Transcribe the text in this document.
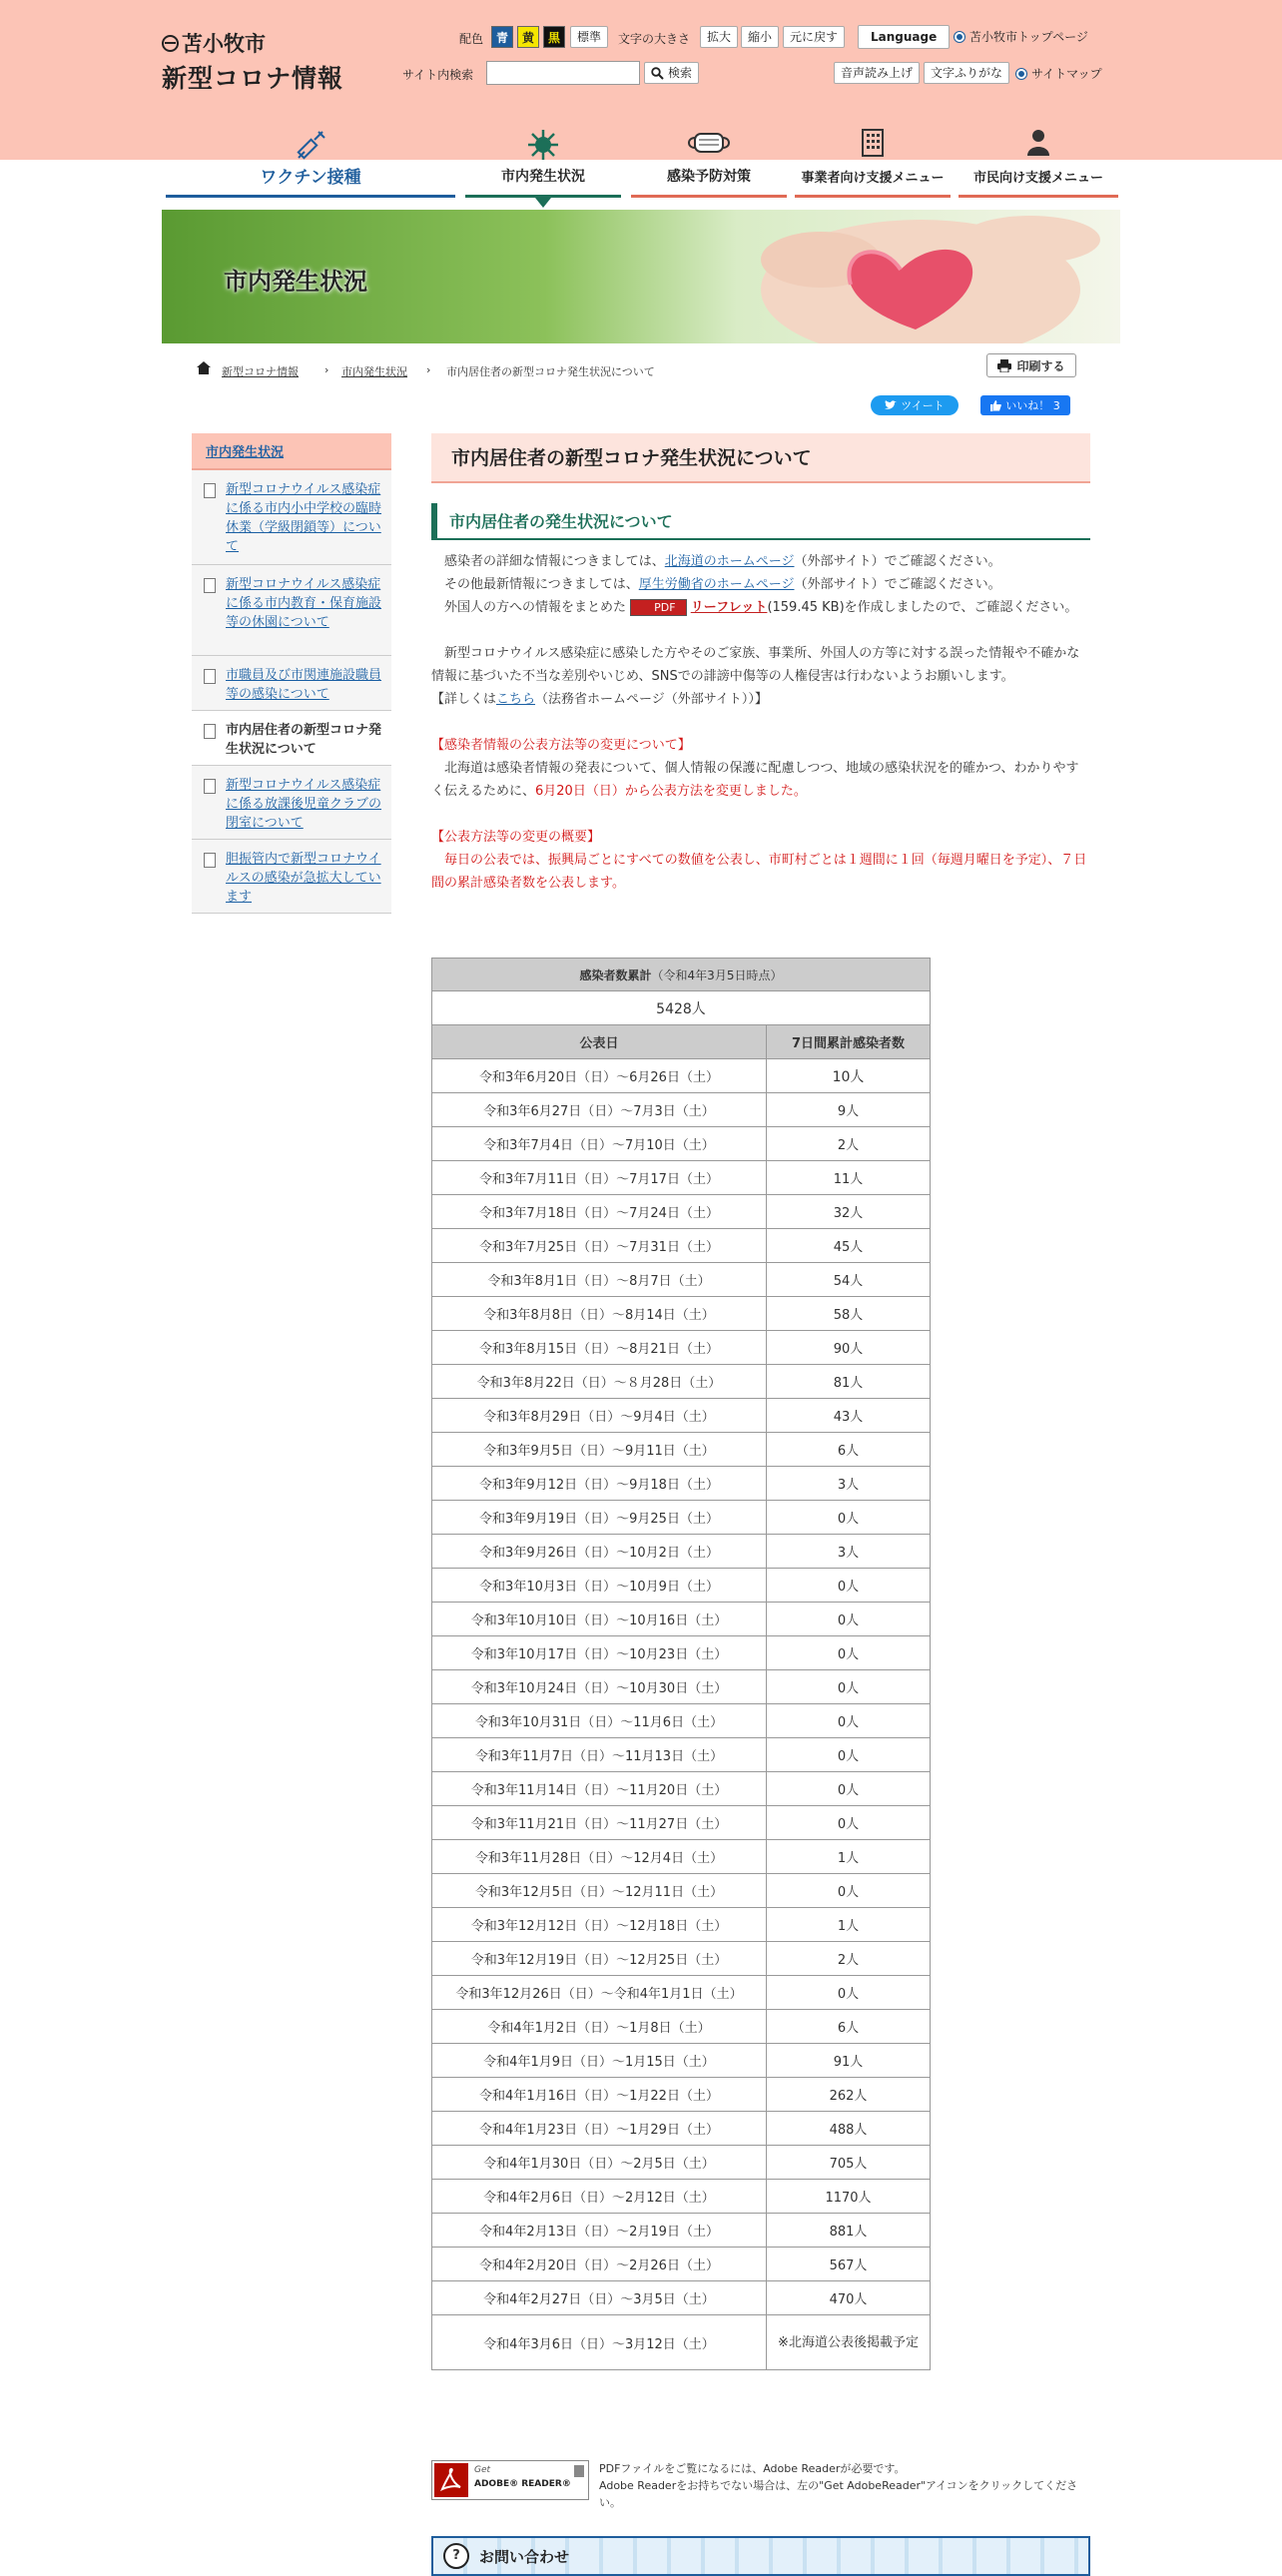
苫小牧市
新型コロナ情報
配色	青	黄	黒	標準	文字の大きさ	拡大	縮小	元に戻す	Language	苫小牧市トップページ
サイト内検索	検索	音声読み上げ	文字ふりがな	サイトマップ
ワクチン接種	市内発生状況	感染予防対策	事業者向け支援メニュー	市民向け支援メニュー
市内発生状況
新型コロナ情報 › 市内発生状況 › 市内居住者の新型コロナ発生状況について	印刷する
ツイート	いいね！ 3
市内発生状況
新型コロナウイルス感染症に係る市内小中学校の臨時休業（学級閉鎖等）について
新型コロナウイルス感染症に係る市内教育・保育施設等の休園について
市職員及び市関連施設職員等の感染について
市内居住者の新型コロナ発生状況について
新型コロナウイルス感染症に係る放課後児童クラブの閉室について
胆振管内で新型コロナウイルスの感染が急拡大しています
市内居住者の新型コロナ発生状況について
市内居住者の発生状況について

感染者の詳細な情報につきましては、北海道のホームページ（外部サイト）でご確認ください。

その他最新情報につきましては、厚生労働省のホームページ（外部サイト）でご確認ください。

外国人の方への情報をまとめた	PDF リーフレット(159.45 KB)を作成しましたので、ご確認ください。

新型コロナウイルス感染症に感染した方やそのご家族、事業所、外国人の方等に対する誤った情報や不確かな情報に基づいた不当な差別やいじめ、SNSでの誹謗中傷等の人権侵害は行わないようお願いします。

【詳しくはこちら（法務省ホームページ（外部サイト））】

【感染者情報の公表方法等の変更について】

北海道は感染者情報の発表について、個人情報の保護に配慮しつつ、地域の感染状況を的確かつ、わかりやすく伝えるために、6月20日（日）から公表方法を変更しました。

【公表方法等の変更の概要】

毎日の公表では、振興局ごとにすべての数値を公表し、市町村ごとは１週間に１回（毎週月曜日を予定）、７日間の累計感染者数を公表します。

感染者数累計（令和4年3月5日時点）	
5428人	
公表日	7日間累計感染者数
令和3年6月20日（日）～6月26日（土）	10人
令和3年6月27日（日）～7月3日（土）	9人
令和3年7月4日（日）～7月10日（土）	2人
令和3年7月11日（日）～7月17日（土）	11人
令和3年7月18日（日）～7月24日（土）	32人
令和3年7月25日（日）～7月31日（土）	45人
令和3年8月1日（日）～8月7日（土）	54人
令和3年8月8日（日）～8月14日（土）	58人
令和3年8月15日（日）～8月21日（土）	90人
令和3年8月22日（日）～８月28日（土）	81人
令和3年8月29日（日）～9月4日（土）	43人
令和3年9月5日（日）～9月11日（土）	6人
令和3年9月12日（日）～9月18日（土）	3人
令和3年9月19日（日）～9月25日（土）	0人
令和3年9月26日（日）～10月2日（土）	3人
令和3年10月3日（日）～10月9日（土）	0人
令和3年10月10日（日）～10月16日（土）	0人
令和3年10月17日（日）～10月23日（土）	0人
令和3年10月24日（日）～10月30日（土）	0人
令和3年10月31日（日）～11月6日（土）	0人
令和3年11月7日（日）～11月13日（土）	0人
令和3年11月14日（日）～11月20日（土）	0人
令和3年11月21日（日）～11月27日（土）	0人
令和3年11月28日（日）～12月4日（土）	1人
令和3年12月5日（日）～12月11日（土）	0人
令和3年12月12日（日）～12月18日（土）	1人
令和3年12月19日（日）～12月25日（土）	2人
令和3年12月26日（日）～令和4年1月1日（土）	0人
令和4年1月2日（日）～1月8日（土）	6人
令和4年1月9日（日）～1月15日（土）	91人
令和4年1月16日（日）～1月22日（土）	262人
令和4年1月23日（日）～1月29日（土）	488人
令和4年1月30日（日）～2月5日（土）	705人
令和4年2月6日（日）～2月12日（土）	1170人
令和4年2月13日（日）～2月19日（土）	881人
令和4年2月20日（日）～2月26日（土）	567人
令和4年2月27日（日）～3月5日（土）	470人
令和4年3月6日（日）～3月12日（土）	※北海道公表後掲載予定
Get
ADOBE® READER®
PDFファイルをご覧になるには、Adobe Readerが必要です。
Adobe Readerをお持ちでない場合は、左の"Get AdobeReader"アイコンをクリックしてください。
?	お問い合わせ
